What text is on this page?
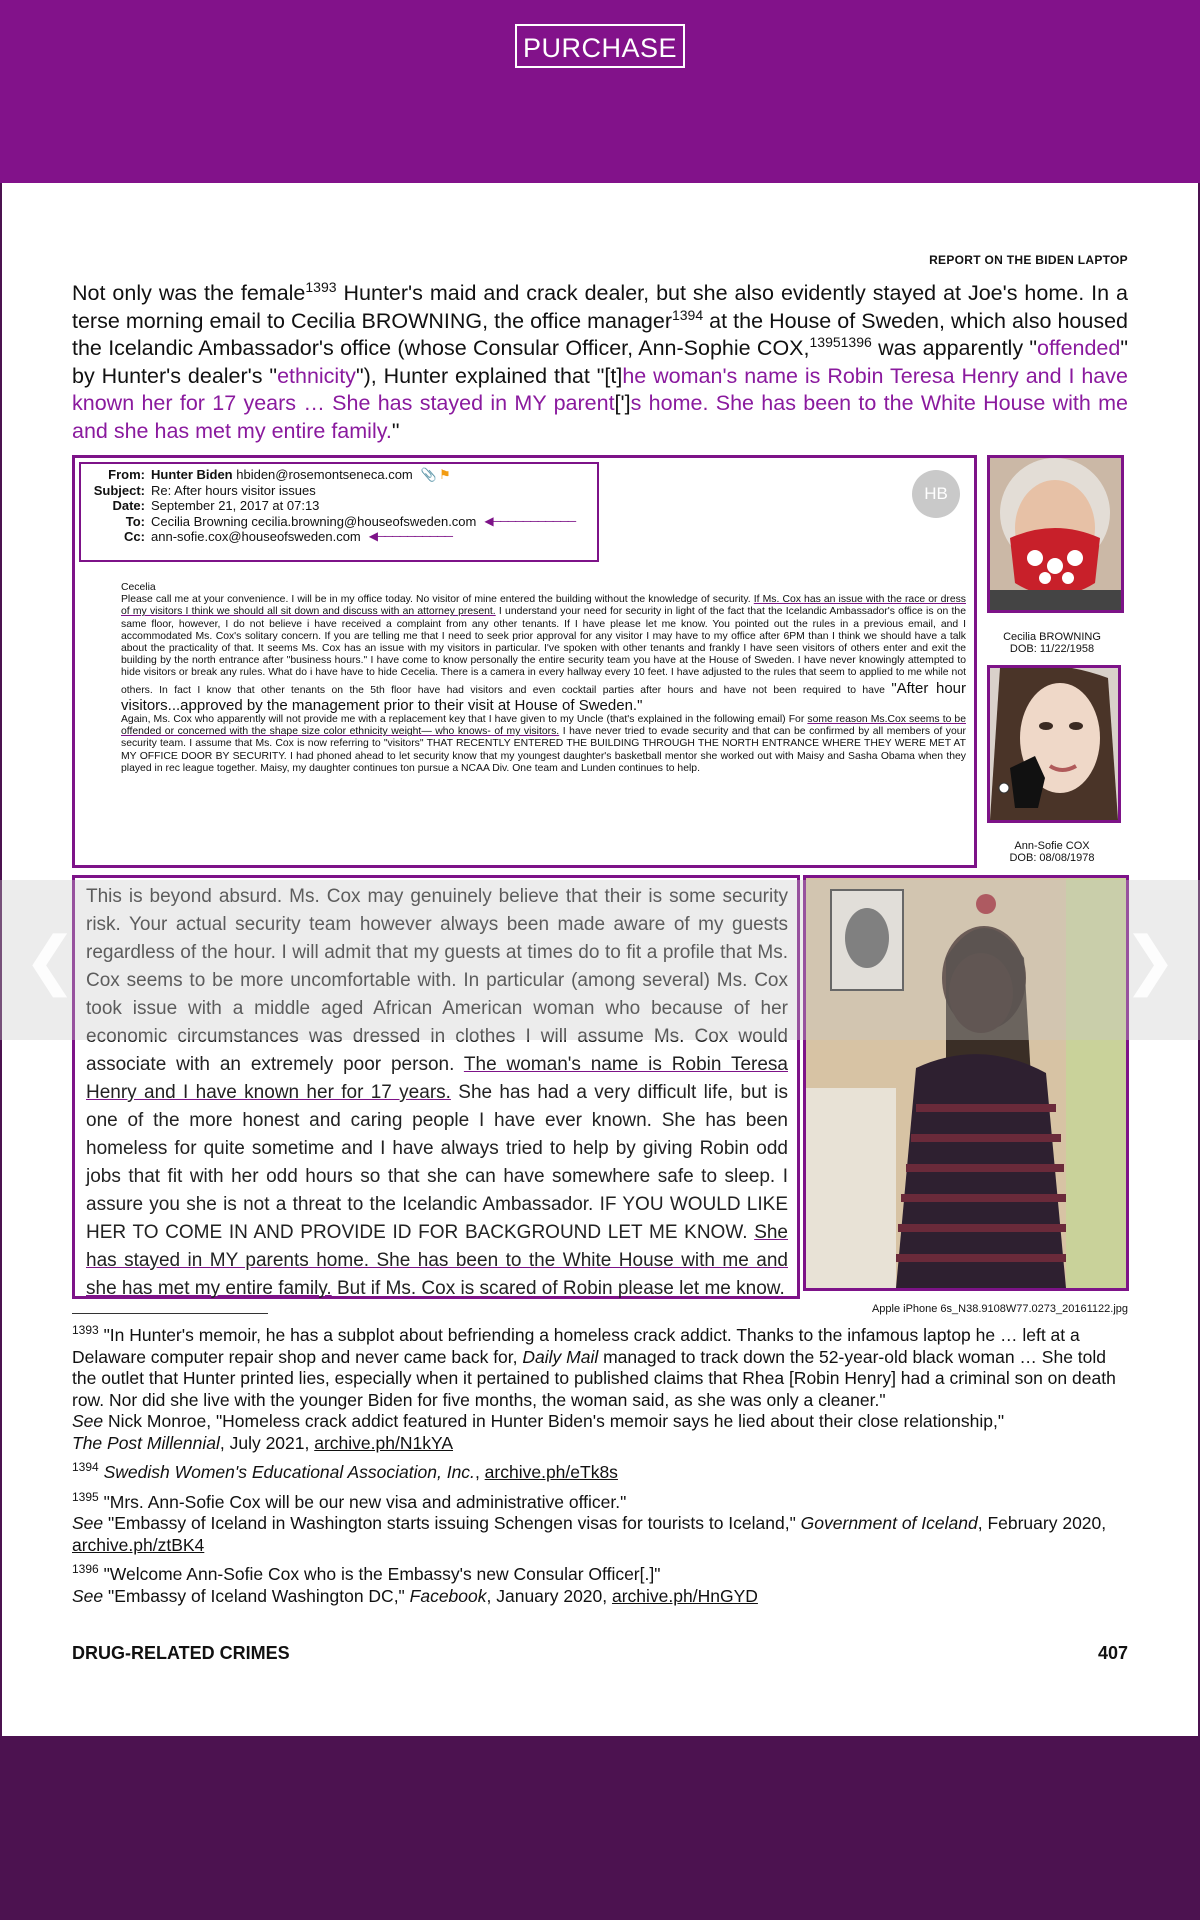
PURCHASE
REPORT ON THE BIDEN LAPTOP
Not only was the female$^{1393}$ Hunter's maid and crack dealer, but she also evidently stayed at Joe's home. In a terse morning email to Cecilia BROWNING, the office manager$^{1394}$ at the House of Sweden, which also housed the Icelandic Ambassador's office (whose Consular Officer, Ann-Sophie COX,$^{13951396}$ was apparently "offended" by Hunter's dealer's "ethnicity"), Hunter explained that "[t]he woman's name is Robin Teresa Henry and I have known her for 17 years … She has stayed in MY parent[']s home. She has been to the White House with me and she has met my entire family."
From: Hunter Biden
hbiden@rosemontseneca.com 📎 ⚑
Subject: Re: After hours visitor issues
Date: September 21, 2017 at 07:13
To: Cecilia Browning cecilia.browning@houseofsweden.com ◀───────────
Cc: ann-sofie.cox@houseofsweden.com ◀──────────
HB
Cecelia
Please call me at your convenience. I will be in my office today. No visitor of mine entered the building without the knowledge of security. If Ms. Cox has an issue with the race or dress of my visitors I think we should all sit down and discuss with an attorney present. I understand your need for security in light of the fact that the Icelandic Ambassador's office is on the same floor, however, I do not believe i have received a complaint from any other tenants. If I have please let me know. You pointed out the rules in a previous email, and I accommodated Ms. Cox's solitary concern. If you are telling me that I need to seek prior approval for any visitor I may have to my office after 6PM than I think we should have a talk about the practicality of that. It seems Ms. Cox has an issue with my visitors in particular. I've spoken with other tenants and frankly I have seen visitors of others enter and exit the building by the north entrance after "business hours." I have come to know personally the entire security team you have at the House of Sweden. I have never knowingly attempted to hide visitors or break any rules. What do i have have to hide Cecelia. There is a camera in every hallway every 10 feet. I have adjusted to the rules that seem to applied to me while not others. In fact I know that other tenants on the 5th floor have had visitors and even cocktail parties after hours and have not been required to have "After hour visitors...approved by the management prior to their visit at House of Sweden."
Again, Ms. Cox who apparently will not provide me with a replacement key that I have given to my Uncle (that's explained in the following email) For some reason Ms.Cox seems to be offended or concerned with the shape size color ethnicity weight— who knows- of my visitors. I have never tried to evade security and that can be confirmed by all members of your security team. I assume that Ms. Cox is now referring to "visitors" THAT RECENTLY ENTERED THE BUILDING THROUGH THE NORTH ENTRANCE WHERE THEY WERE MET AT MY OFFICE DOOR BY SECURITY. I had phoned ahead to let security know that my youngest daughter's basketball mentor she worked out with Maisy and Sasha Obama when they played in rec league together. Maisy, my daughter continues ton pursue a NCAA Div. One team and Lunden continues to help.
Cecilia BROWNING
DOB: 11/22/1958
Ann-Sofie COX
DOB: 08/08/1978
This is beyond absurd. Ms. Cox may genuinely believe that their is some security risk. Your actual security team however always been made aware of my guests regardless of the hour. I will admit that my guests at times do to fit a profile that Ms. Cox seems to be more uncomfortable with. In particular (among several) Ms. Cox took issue with a middle aged African American woman who because of her economic circumstances was dressed in clothes I will assume Ms. Cox would associate with an extremely poor person. The woman's name is Robin Teresa Henry and I have known her for 17 years. She has had a very difficult life, but is one of the more honest and caring people I have ever known. She has been homeless for quite sometime and I have always tried to help by giving Robin odd jobs that fit with her odd hours so that she can have somewhere safe to sleep. I assure you she is not a threat to the Icelandic Ambassador. IF YOU WOULD LIKE HER TO COME IN AND PROVIDE ID FOR BACKGROUND LET ME KNOW. She has stayed in MY parents home. She has been to the White House with me and she has met my entire family. But if Ms. Cox is scared of Robin please let me know.
Apple iPhone 6s_N38.9108W77.0273_20161122.jpg
$^{1393}$ "In Hunter's memoir, he has a subplot about befriending a homeless crack addict. Thanks to the infamous laptop he … left at a Delaware computer repair shop and never came back for, Daily Mail managed to track down the 52-year-old black woman … She told the outlet that Hunter printed lies, especially when it pertained to published claims that Rhea [Robin Henry] had a criminal son on death row. Nor did she live with the younger Biden for five months, the woman said, as she was only a cleaner."
See Nick Monroe, "Homeless crack addict featured in Hunter Biden's memoir says he lied about their close relationship,"
The Post Millennial, July 2021, archive.ph/N1kYA
$^{1394}$ Swedish Women's Educational Association, Inc., archive.ph/eTk8s
$^{1395}$ "Mrs. Ann-Sofie Cox will be our new visa and administrative officer."
See "Embassy of Iceland in Washington starts issuing Schengen visas for tourists to Iceland," Government of Iceland, February 2020, archive.ph/ztBK4
$^{1396}$ "Welcome Ann-Sofie Cox who is the Embassy's new Consular Officer[.]"
See "Embassy of Iceland Washington DC," Facebook, January 2020, archive.ph/HnGYD
DRUG-RELATED CRIMES	407
❮	❯
